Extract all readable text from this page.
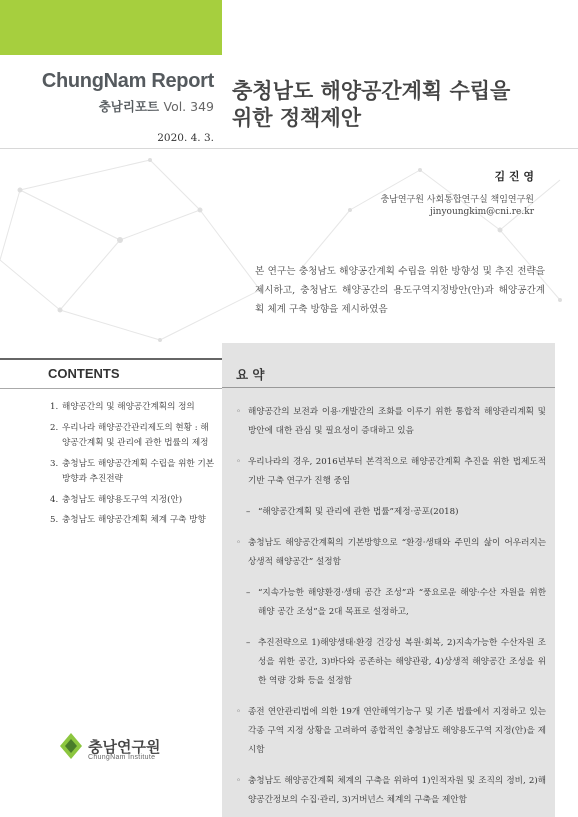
ChungNam Report
충남리포트 Vol. 349
2020. 4. 3.
충청남도 해양공간계획 수립을
위한 정책제안
김 진 영
충남연구원 사회통합연구실 책임연구원
jinyoungkim@cni.re.kr
본 연구는 충청남도 해양공간계획 수립을 위한 방향성 및 추진 전략을 제시하고, 충청남도 해양공간의 용도구역지정방안(안)과 해양공간계획 체계 구축 방향을 제시하였음
CONTENTS
1. 해양공간의 및 해양공간계획의 정의
2. 우리나라 해양공간관리제도의 현황 : 해양공간계획 및 관리에 관한 법률의 제정
3. 충청남도 해양공간계획 수립을 위한 기본방향과 추진전략
4. 충청남도 해양용도구역 지정(안)
5. 충청남도 해양공간계획 체계 구축 방향
충남연구원
ChungNam Institute
요 약
◦ 해양공간의 보전과 이용·개발간의 조화를 이루기 위한 통합적 해양관리계획 및 방안에 대한 관심 및 필요성이 증대하고 있음
◦ 우리나라의 경우, 2016년부터 본격적으로 해양공간계획 추진을 위한 법제도적 기반 구축 연구가 진행 중임
– “해양공간계획 및 관리에 관한 법률”제정·공포(2018)
◦ 충청남도 해양공간계획의 기본방향으로 “환경·생태와 주민의 삶이 어우러지는 상생적 해양공간” 설정함
– “지속가능한 해양환경·생태 공간 조성”과 “풍요로운 해양·수산 자원을 위한 해양 공간 조성”을 2대 목표로 설정하고,
– 추진전략으로 1)해양생태·환경 건강성 복원·회복, 2)지속가능한 수산자원 조성을 위한 공간, 3)바다와 공존하는 해양관광, 4)상생적 해양공간 조성을 위한 역량 강화 등을 설정함
◦ 종전 연안관리법에 의한 19개 연안해역기능구 및 기존 법률에서 지정하고 있는 각종 구역 지정 상황을 고려하여 종합적인 충청남도 해양용도구역 지정(안)을 제시함
◦ 충청남도 해양공간계획 체계의 구축을 위하여 1)인적자원 및 조직의 정비, 2)해양공간정보의 수집·관리, 3)거버넌스 체계의 구축을 제안함
